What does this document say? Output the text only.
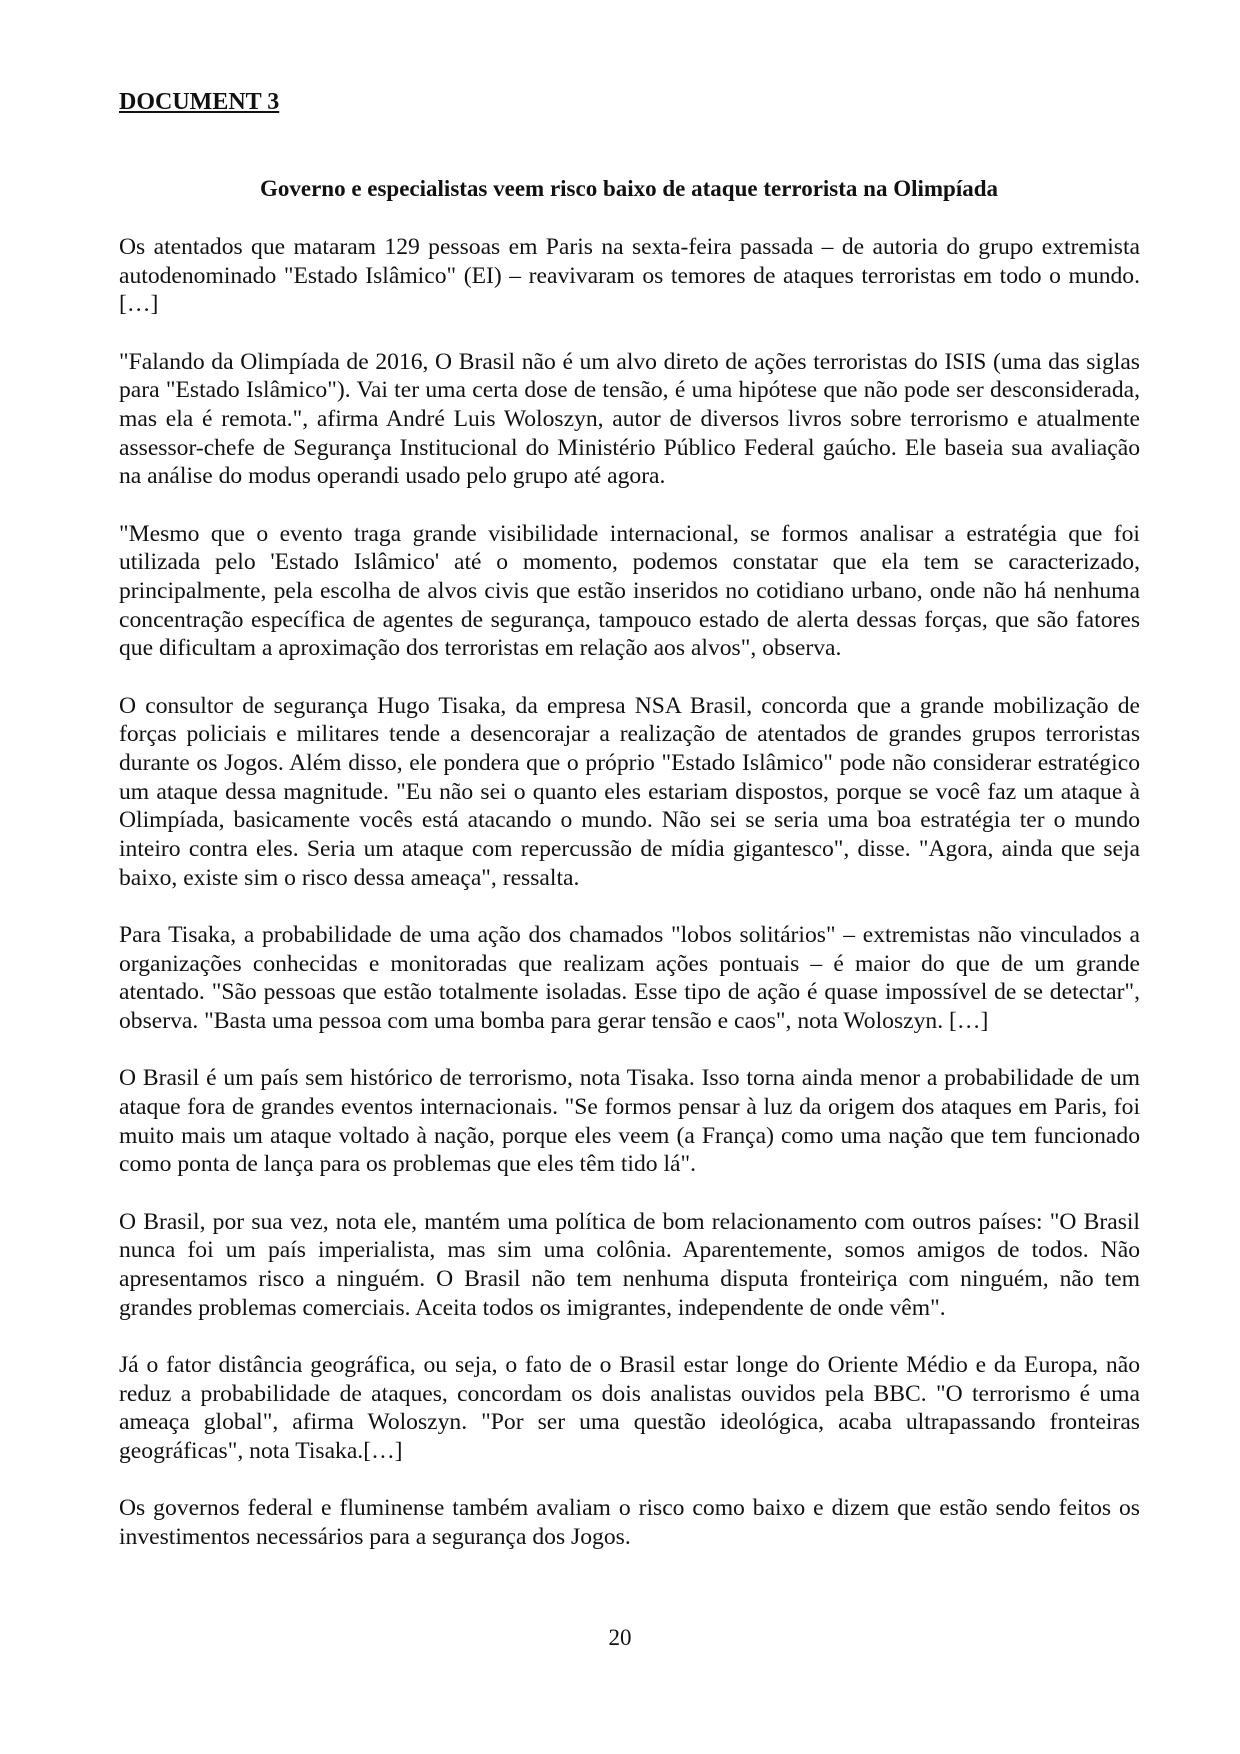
DOCUMENT 3

Governo e especialistas veem risco baixo de ataque terrorista na Olimpíada

Os atentados que mataram 129 pessoas em Paris na sexta-feira passada – de autoria do grupo extremista autodenominado "Estado Islâmico" (EI) – reavivaram os temores de ataques terroristas em todo o mundo. […]

"Falando da Olimpíada de 2016, O Brasil não é um alvo direto de ações terroristas do ISIS (uma das siglas para "Estado Islâmico"). Vai ter uma certa dose de tensão, é uma hipótese que não pode ser desconsiderada, mas ela é remota.", afirma André Luis Woloszyn, autor de diversos livros sobre terrorismo e atualmente assessor-chefe de Segurança Institucional do Ministério Público Federal gaúcho. Ele baseia sua avaliação na análise do modus operandi usado pelo grupo até agora.

"Mesmo que o evento traga grande visibilidade internacional, se formos analisar a estratégia que foi utilizada pelo 'Estado Islâmico' até o momento, podemos constatar que ela tem se caracterizado, principalmente, pela escolha de alvos civis que estão inseridos no cotidiano urbano, onde não há nenhuma concentração específica de agentes de segurança, tampouco estado de alerta dessas forças, que são fatores que dificultam a aproximação dos terroristas em relação aos alvos", observa.

O consultor de segurança Hugo Tisaka, da empresa NSA Brasil, concorda que a grande mobilização de forças policiais e militares tende a desencorajar a realização de atentados de grandes grupos terroristas durante os Jogos. Além disso, ele pondera que o próprio "Estado Islâmico" pode não considerar estratégico um ataque dessa magnitude. "Eu não sei o quanto eles estariam dispostos, porque se você faz um ataque à Olimpíada, basicamente vocês está atacando o mundo. Não sei se seria uma boa estratégia ter o mundo inteiro contra eles. Seria um ataque com repercussão de mídia gigantesco", disse. "Agora, ainda que seja baixo, existe sim o risco dessa ameaça", ressalta.

Para Tisaka, a probabilidade de uma ação dos chamados "lobos solitários" – extremistas não vinculados a organizações conhecidas e monitoradas que realizam ações pontuais – é maior do que de um grande atentado. "São pessoas que estão totalmente isoladas. Esse tipo de ação é quase impossível de se detectar", observa. "Basta uma pessoa com uma bomba para gerar tensão e caos", nota Woloszyn. […]

O Brasil é um país sem histórico de terrorismo, nota Tisaka. Isso torna ainda menor a probabilidade de um ataque fora de grandes eventos internacionais. "Se formos pensar à luz da origem dos ataques em Paris, foi muito mais um ataque voltado à nação, porque eles veem (a França) como uma nação que tem funcionado como ponta de lança para os problemas que eles têm tido lá".

O Brasil, por sua vez, nota ele, mantém uma política de bom relacionamento com outros países: "O Brasil nunca foi um país imperialista, mas sim uma colônia. Aparentemente, somos amigos de todos. Não apresentamos risco a ninguém. O Brasil não tem nenhuma disputa fronteiriça com ninguém, não tem grandes problemas comerciais. Aceita todos os imigrantes, independente de onde vêm".

Já o fator distância geográfica, ou seja, o fato de o Brasil estar longe do Oriente Médio e da Europa, não reduz a probabilidade de ataques, concordam os dois analistas ouvidos pela BBC. "O terrorismo é uma ameaça global", afirma Woloszyn. "Por ser uma questão ideológica, acaba ultrapassando fronteiras geográficas", nota Tisaka.[…]

Os governos federal e fluminense também avaliam o risco como baixo e dizem que estão sendo feitos os investimentos necessários para a segurança dos Jogos.

20
